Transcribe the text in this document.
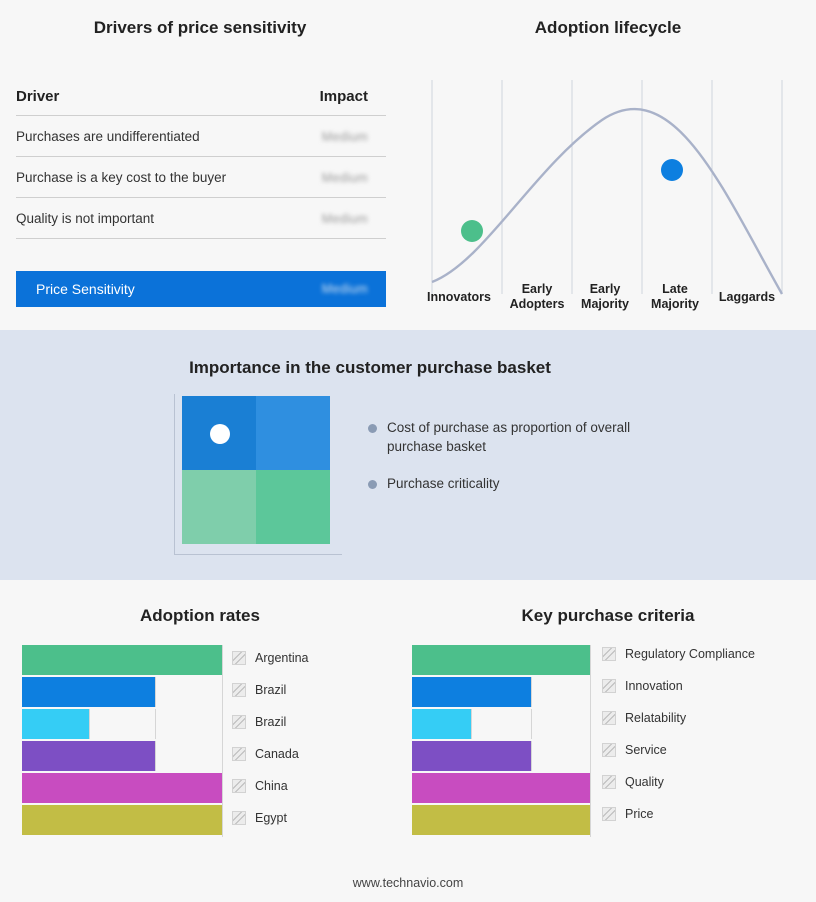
Drivers of price sensitivity
Driver	Impact
Purchases are undifferentiated	Medium
Purchase is a key cost to the buyer	Medium
Quality is not important	Medium
Price Sensitivity	Medium
Adoption lifecycle
Innovators
Early
Adopters
Early
Majority
Late
Majority	Laggards
Importance in the customer purchase basket
Cost of purchase as proportion of overall purchase basket
Purchase criticality
Adoption rates	Key purchase criteria
Argentina
Brazil
Brazil
Canada
China
Egypt
Regulatory Compliance
Innovation
Relatability
Service
Quality
Price
www.technavio.com
